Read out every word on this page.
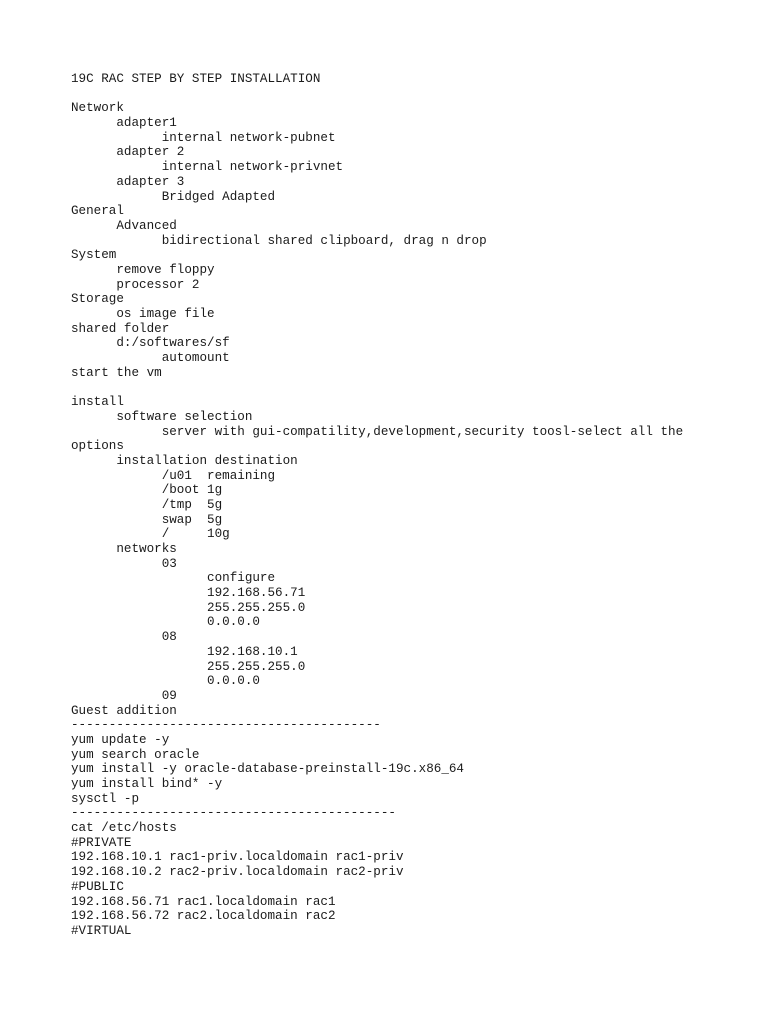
19C RAC STEP BY STEP INSTALLATION
Network
adapter1
internal network-pubnet
adapter 2
internal network-privnet
adapter 3
Bridged Adapted
General
Advanced
bidirectional shared clipboard, drag n drop
System
remove floppy
processor 2
Storage
os image file
shared folder
d:/softwares/sf
automount
start the vm
install
software selection
server with gui-compatility,development,security toosl-select all the
options
installation destination
/u01  remaining
/boot 1g
/tmp  5g
swap  5g
/     10g
networks
03
configure
192.168.56.71
255.255.255.0
0.0.0.0
08
192.168.10.1
255.255.255.0
0.0.0.0
09
Guest addition
-----------------------------------------
yum update -y
yum search oracle
yum install -y oracle-database-preinstall-19c.x86_64
yum install bind* -y
sysctl -p
-------------------------------------------
cat /etc/hosts
#PRIVATE
192.168.10.1 rac1-priv.localdomain rac1-priv
192.168.10.2 rac2-priv.localdomain rac2-priv
#PUBLIC
192.168.56.71 rac1.localdomain rac1
192.168.56.72 rac2.localdomain rac2
#VIRTUAL
